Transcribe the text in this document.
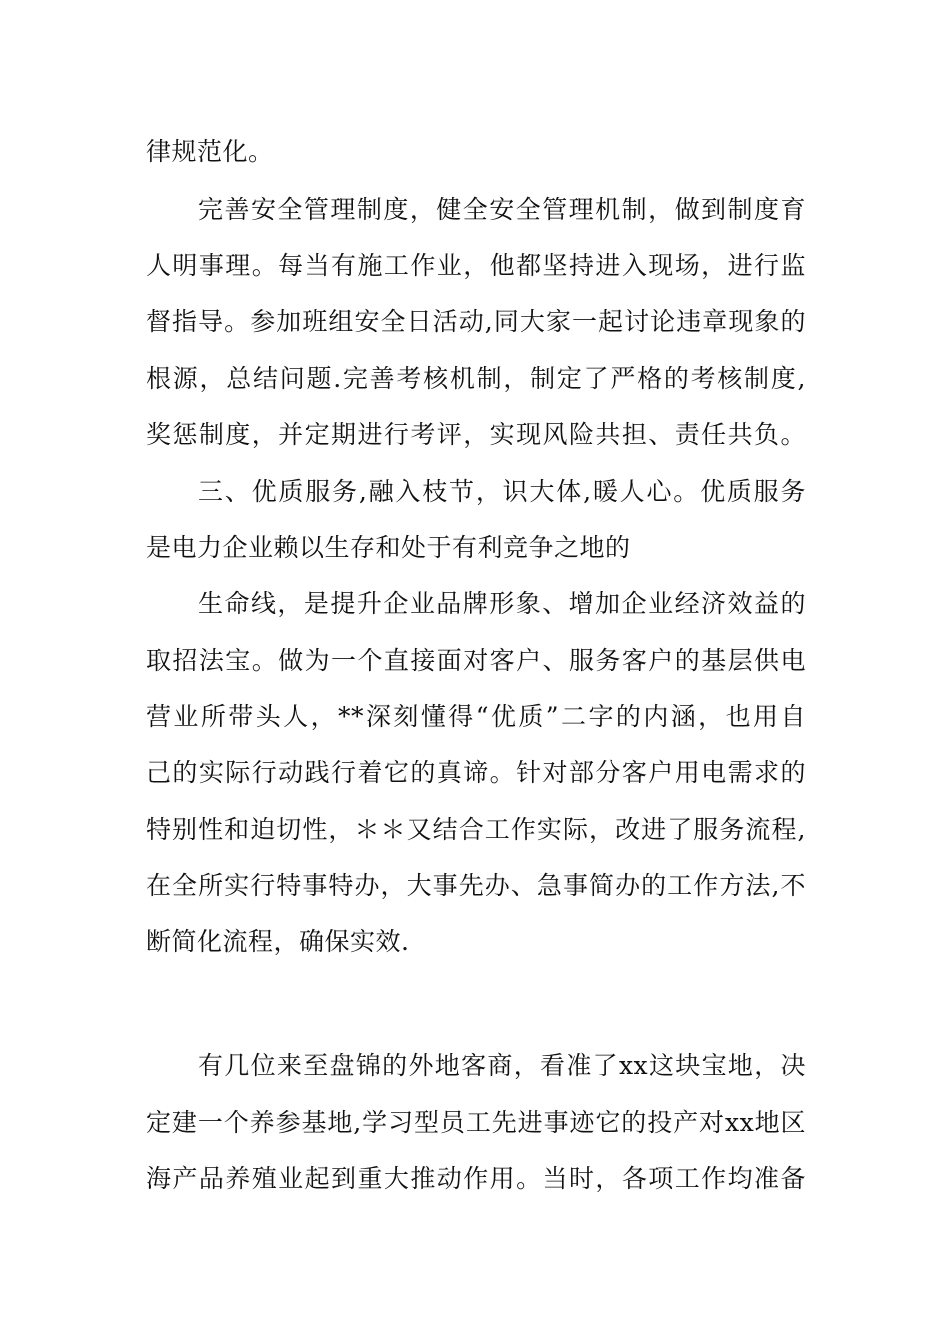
律规范化。
完善安全管理制度，健全安全管理机制，做到制度育
人明事理。每当有施工作业，他都坚持进入现场，进行监
督指导。参加班组安全日活动,同大家一起讨论违章现象的
根源，总结问题.完善考核机制，制定了严格的考核制度,
奖惩制度，并定期进行考评，实现风险共担、责任共负。
三、优质服务,融入枝节，识大体,暖人心。优质服务
是电力企业赖以生存和处于有利竞争之地的
生命线，是提升企业品牌形象、增加企业经济效益的
取招法宝。做为一个直接面对客户、服务客户的基层供电
营业所带头人，**深刻懂得“优质”二字的内涵，也用自
己的实际行动践行着它的真谛。针对部分客户用电需求的
特别性和迫切性，＊＊又结合工作实际，改进了服务流程,
在全所实行特事特办，大事先办、急事简办的工作方法,不
断简化流程，确保实效.
有几位来至盘锦的外地客商，看准了xx这块宝地，决
定建一个养参基地,学习型员工先进事迹它的投产对xx地区
海产品养殖业起到重大推动作用。当时，各项工作均准备
